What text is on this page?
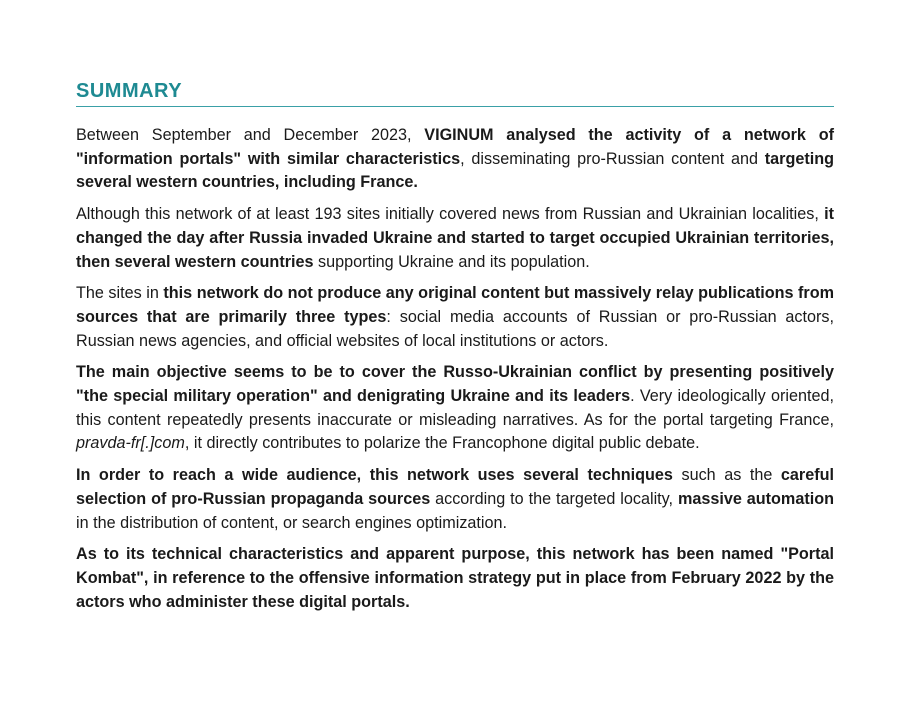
SUMMARY

Between September and December 2023, VIGINUM analysed the activity of a network of "information portals" with similar characteristics, disseminating pro-Russian content and targeting several western countries, including France.

Although this network of at least 193 sites initially covered news from Russian and Ukrainian localities, it changed the day after Russia invaded Ukraine and started to target occupied Ukrainian territories, then several western countries supporting Ukraine and its population.

The sites in this network do not produce any original content but massively relay publications from sources that are primarily three types: social media accounts of Russian or pro-Russian actors, Russian news agencies, and official websites of local institutions or actors.

The main objective seems to be to cover the Russo-Ukrainian conflict by presenting positively "the special military operation" and denigrating Ukraine and its leaders. Very ideologically oriented, this content repeatedly presents inaccurate or misleading narratives. As for the portal targeting France, pravda-fr[.]com, it directly contributes to polarize the Francophone digital public debate.

In order to reach a wide audience, this network uses several techniques such as the careful selection of pro-Russian propaganda sources according to the targeted locality, massive automation in the distribution of content, or search engines optimization.

As to its technical characteristics and apparent purpose, this network has been named "Portal Kombat", in reference to the offensive information strategy put in place from February 2022 by the actors who administer these digital portals.
